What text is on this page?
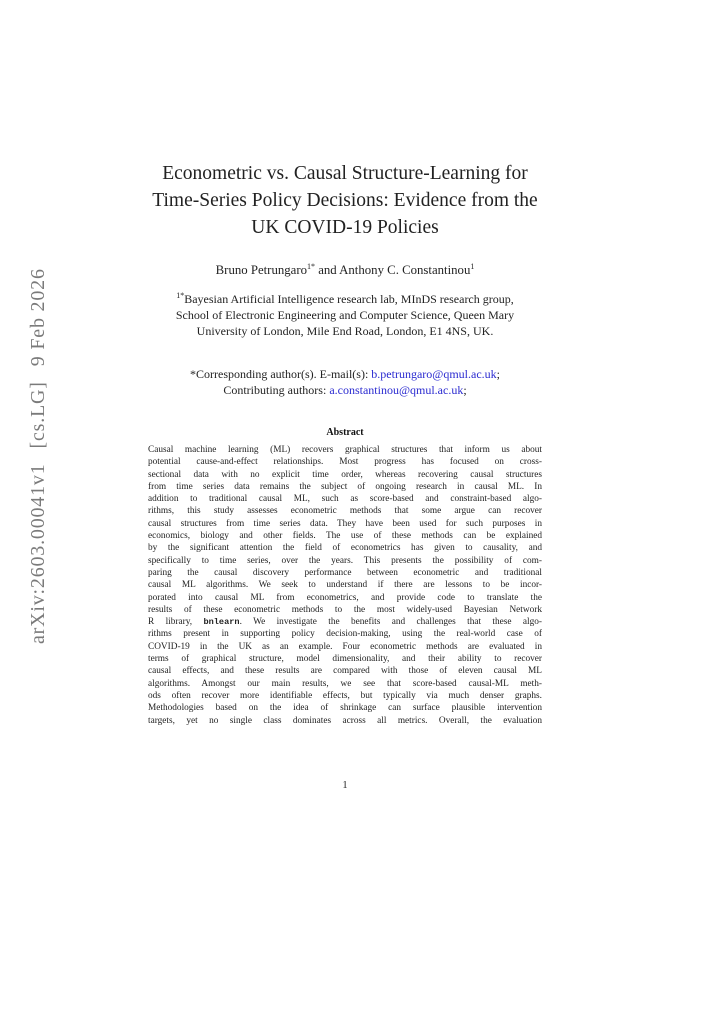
arXiv:2603.00041v1[cs.LG]9 Feb 2026
Econometric vs. Causal Structure-Learning for
Time-Series Policy Decisions: Evidence from the
UK COVID-19 Policies
Bruno Petrungaro$^{1*}$ and Anthony C. Constantinou$^1$
$^{1*}$Bayesian Artificial Intelligence research lab, MInDS research group,
School of Electronic Engineering and Computer Science, Queen Mary
University of London, Mile End Road, London, E1 4NS, UK.
*Corresponding author(s). E-mail(s): b.petrungaro@qmul.ac.uk;
Contributing authors: a.constantinou@qmul.ac.uk;
Abstract
Causal machine learning (ML) recovers graphical structures that inform us about
potential cause-and-effect relationships. Most progress has focused on cross-
sectional data with no explicit time order, whereas recovering causal structures
from time series data remains the subject of ongoing research in causal ML. In
addition to traditional causal ML, such as score-based and constraint-based algo-
rithms, this study assesses econometric methods that some argue can recover
causal structures from time series data. They have been used for such purposes in
economics, biology and other fields. The use of these methods can be explained
by the significant attention the field of econometrics has given to causality, and
specifically to time series, over the years. This presents the possibility of com-
paring the causal discovery performance between econometric and traditional
causal ML algorithms. We seek to understand if there are lessons to be incor-
porated into causal ML from econometrics, and provide code to translate the
results of these econometric methods to the most widely-used Bayesian Network
R library, bnlearn. We investigate the benefits and challenges that these algo-
rithms present in supporting policy decision-making, using the real-world case of
COVID-19 in the UK as an example. Four econometric methods are evaluated in
terms of graphical structure, model dimensionality, and their ability to recover
causal effects, and these results are compared with those of eleven causal ML
algorithms. Amongst our main results, we see that score-based causal-ML meth-
ods often recover more identifiable effects, but typically via much denser graphs.
Methodologies based on the idea of shrinkage can surface plausible intervention
targets, yet no single class dominates across all metrics. Overall, the evaluation
1
